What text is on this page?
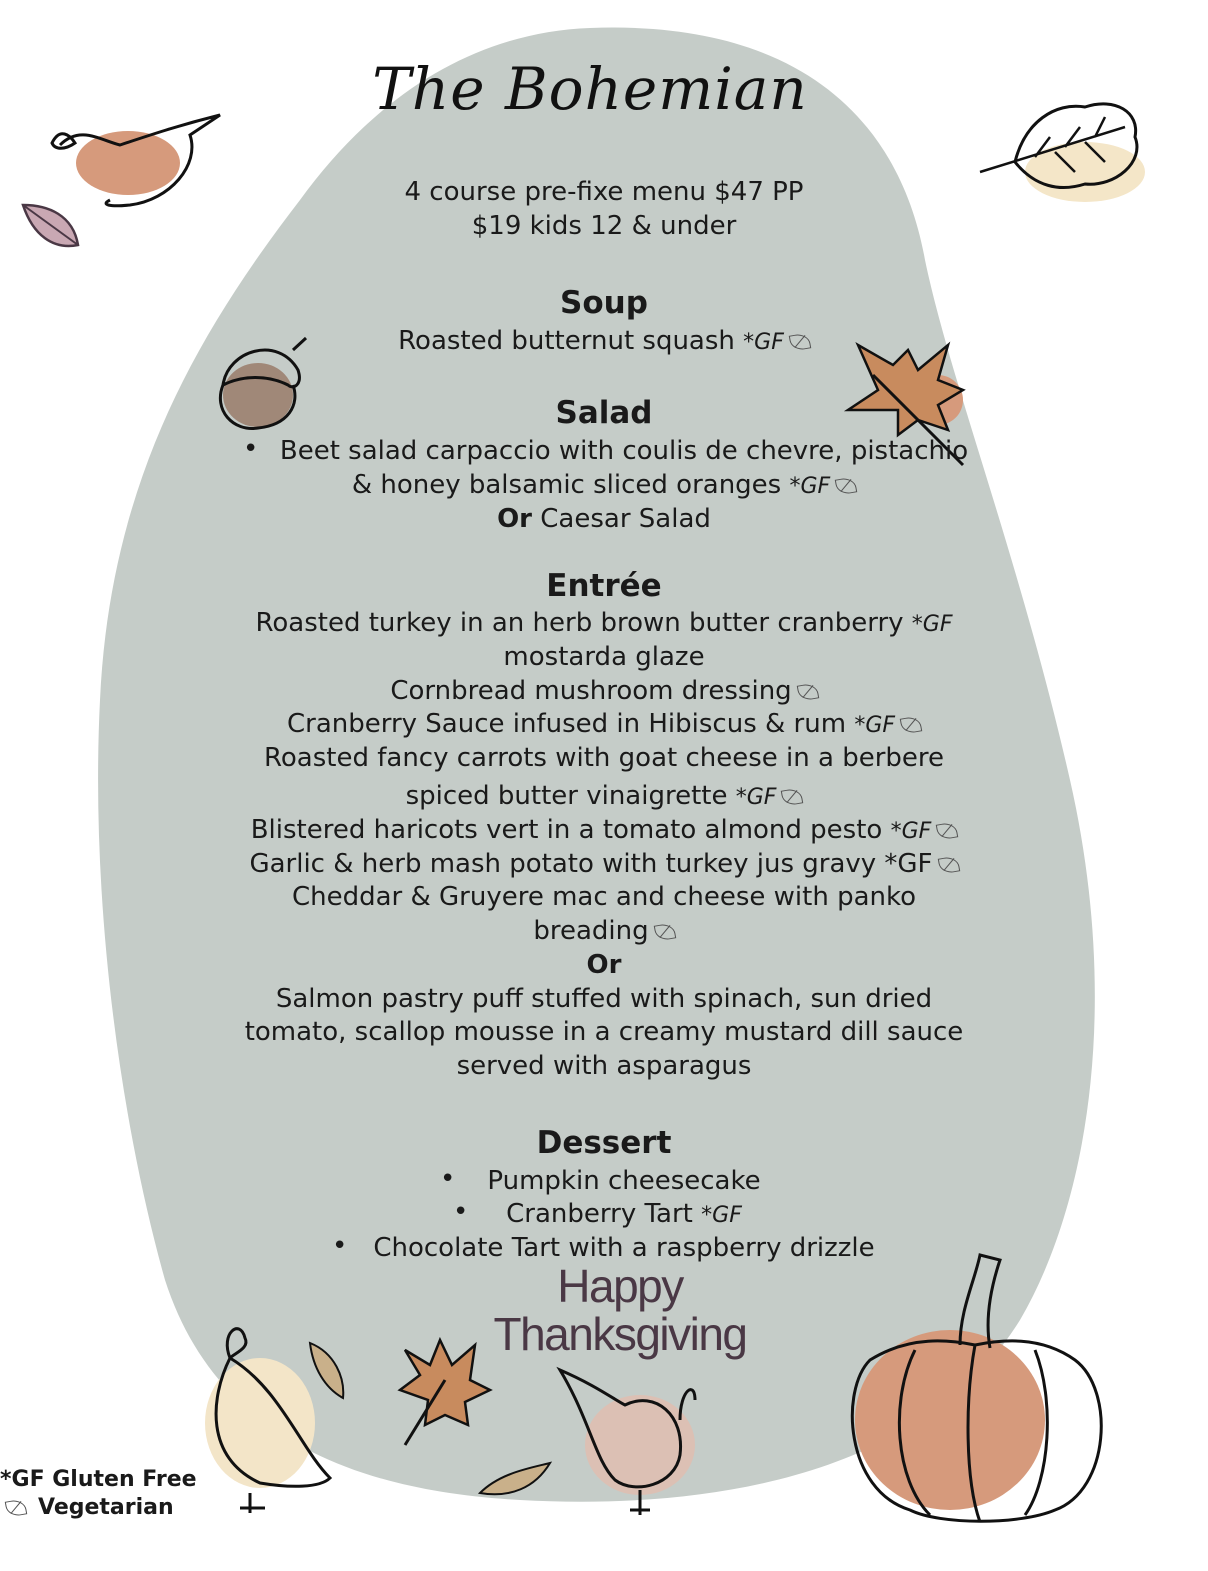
The Bohemian
4 course pre-fixe menu $47 PP
$19 kids 12 & under
Soup
Roasted butternut squash *GF
Salad
• Beet salad carpaccio with coulis de chevre, pistachio
& honey balsamic sliced oranges *GF
Or Caesar Salad
Entrée
Roasted turkey in an herb brown butter cranberry *GF
mostarda glaze
Cornbread mushroom dressing
Cranberry Sauce infused in Hibiscus & rum *GF
Roasted fancy carrots with goat cheese in a berbere
spiced butter vinaigrette *GF
Blistered haricots vert in a tomato almond pesto *GF
Garlic & herb mash potato with turkey jus gravy *GF
Cheddar & Gruyere mac and cheese with panko
breading
Or
Salmon pastry puff stuffed with spinach, sun dried
tomato, scallop mousse in a creamy mustard dill sauce
served with asparagus
Dessert
•	Pumpkin cheesecake
•	Cranberry Tart *GF
•	Chocolate Tart with a raspberry drizzle
Happy
Thanksgiving
*GF Gluten Free
Vegetarian
